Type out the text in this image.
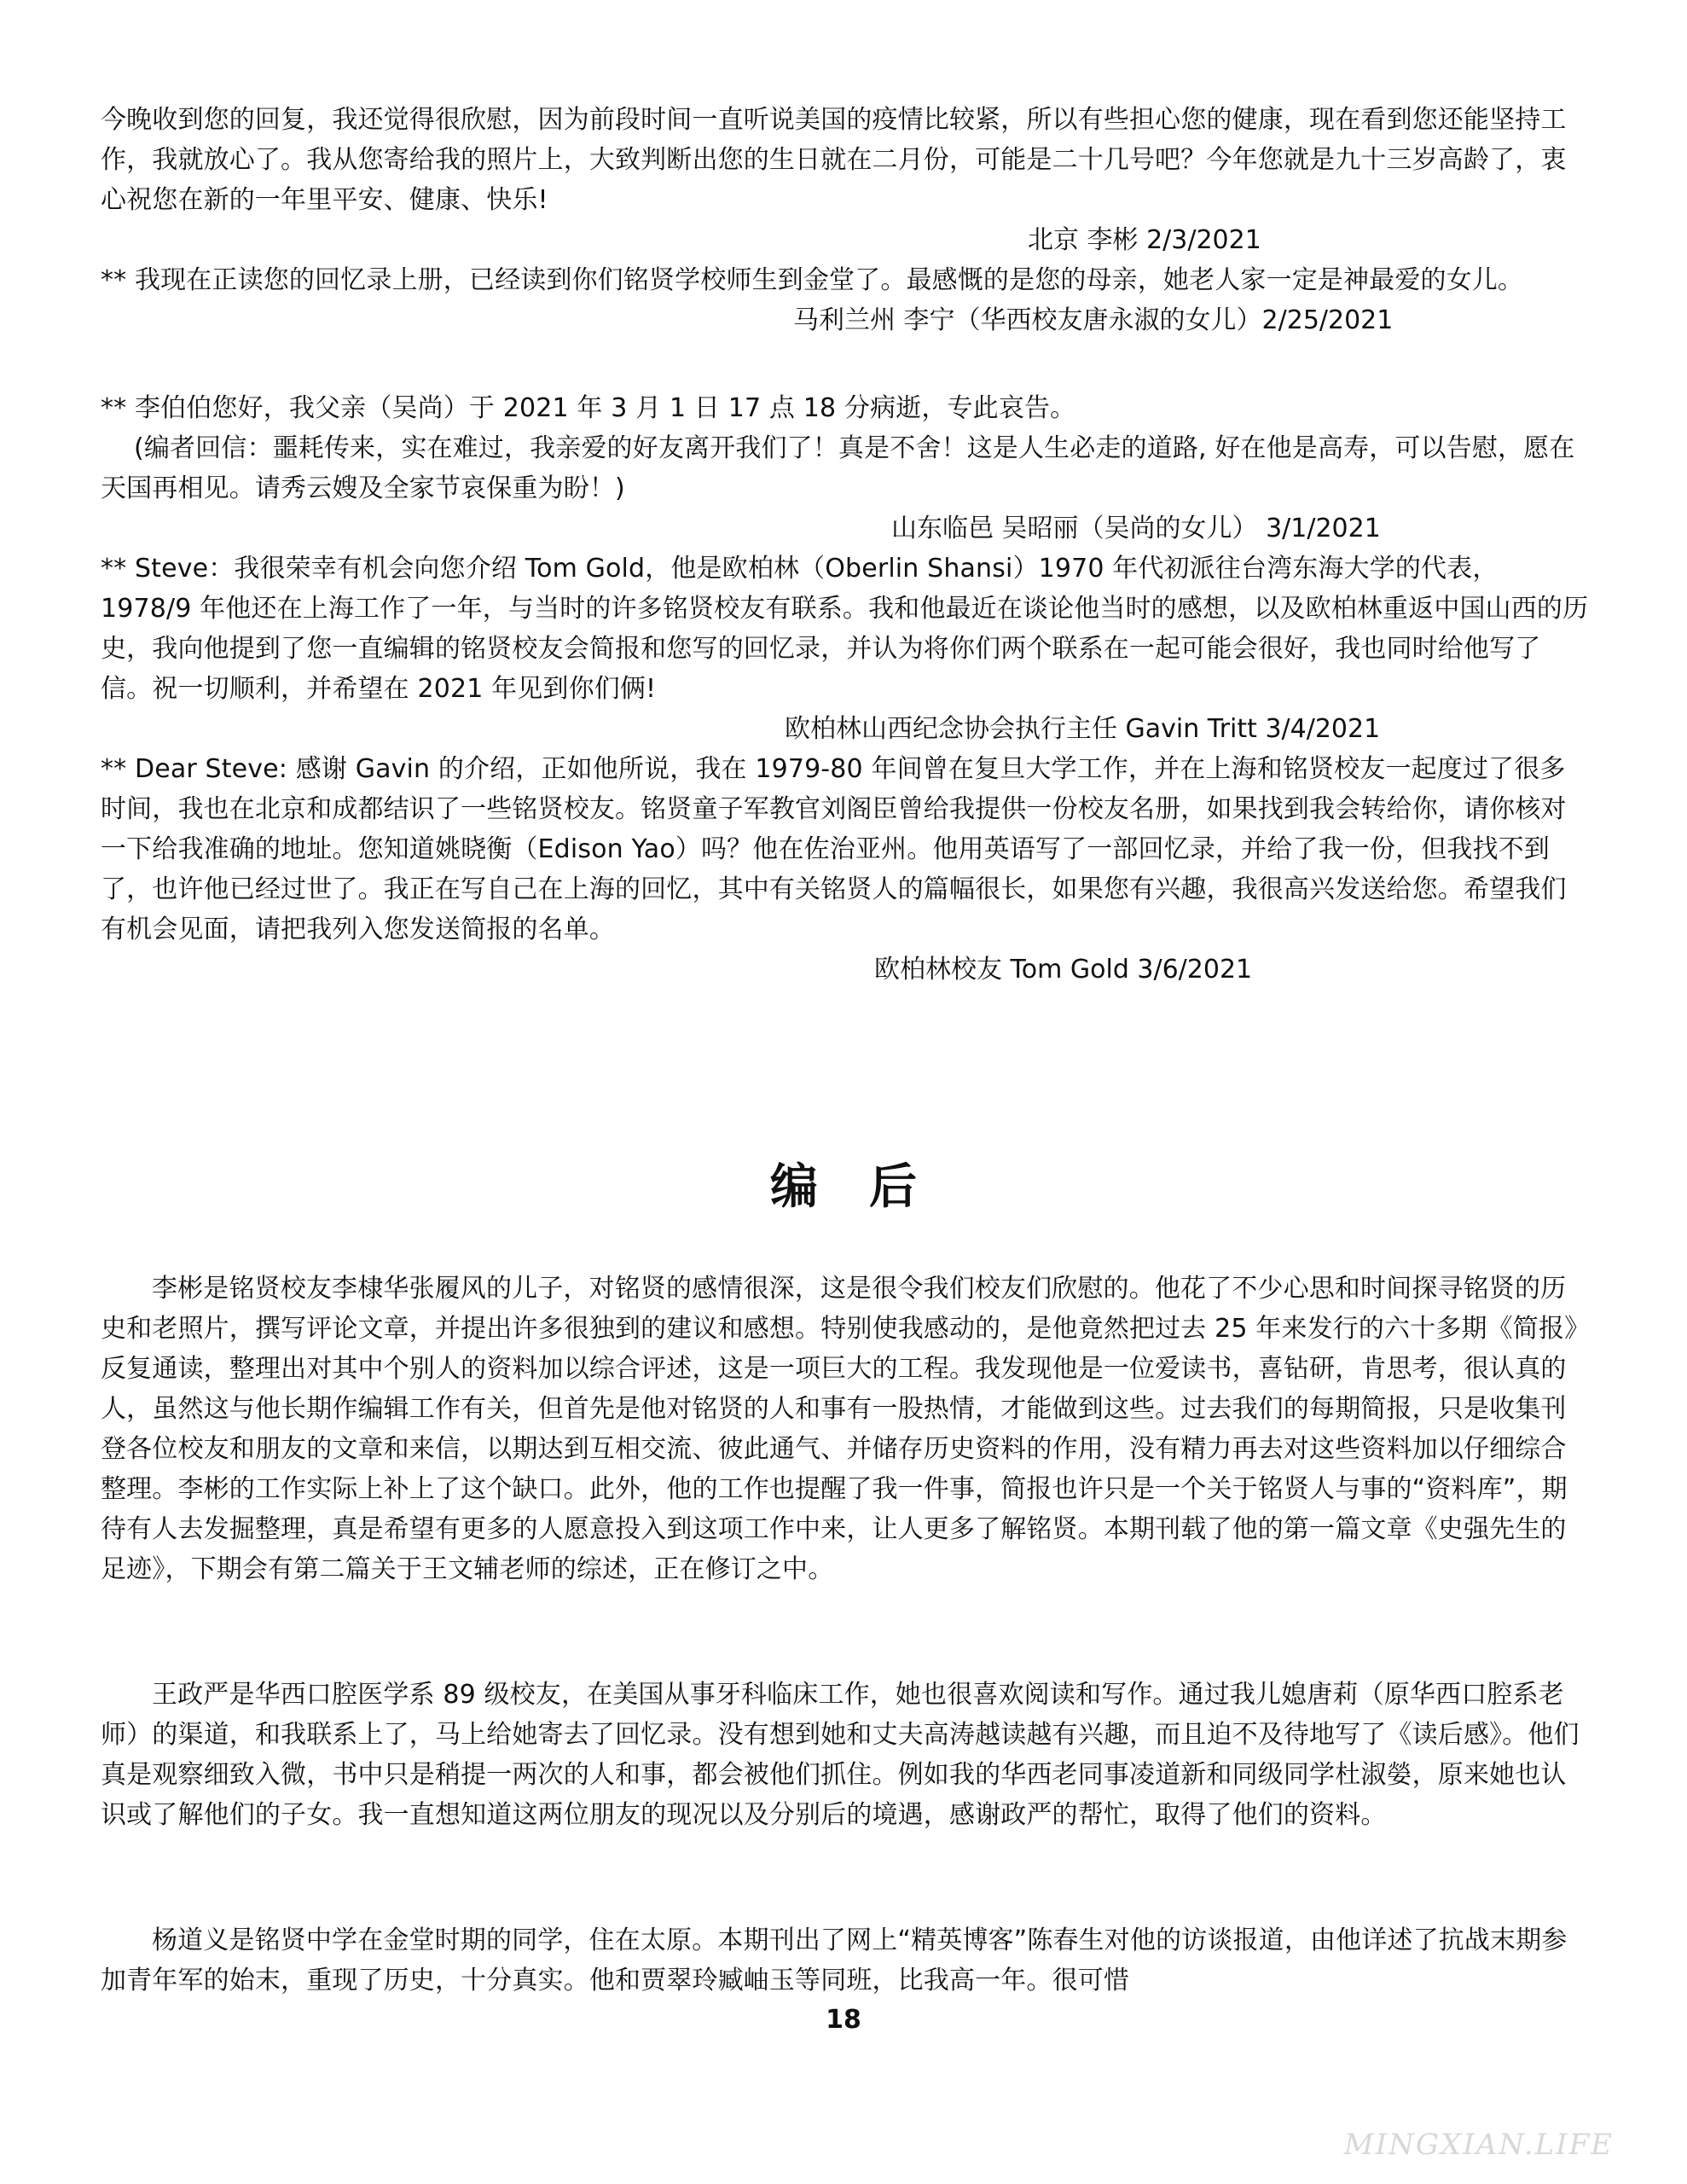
今晚收到您的回复，我还觉得很欣慰，因为前段时间一直听说美国的疫情比较紧，所以有些担心您的健康，现在看到您还能坚持工作，我就放心了。我从您寄给我的照片上，大致判断出您的生日就在二月份，可能是二十几号吧？今年您就是九十三岁高龄了，衷心祝您在新的一年里平安、健康、快乐!

北京 李彬 2/3/2021

** 我现在正读您的回忆录上册，已经读到你们铭贤学校师生到金堂了。最感慨的是您的母亲，她老人家一定是神最爱的女儿。

马利兰州 李宁（华西校友唐永淑的女儿）2/25/2021

** 李伯伯您好，我父亲（吴尚）于 2021 年 3 月 1 日 17 点 18 分病逝，专此哀告。

(编者回信：噩耗传来，实在难过，我亲爱的好友离开我们了！真是不舍！这是人生必走的道路, 好在他是高寿，可以告慰，愿在天国再相见。请秀云嫂及全家节哀保重为盼！)

山东临邑 吴昭丽（吴尚的女儿） 3/1/2021

** Steve：我很荣幸有机会向您介绍 Tom Gold，他是欧柏林（Oberlin Shansi）1970 年代初派往台湾东海大学的代表， 1978/9 年他还在上海工作了一年，与当时的许多铭贤校友有联系。我和他最近在谈论他当时的感想，以及欧柏林重返中国山西的历史，我向他提到了您一直编辑的铭贤校友会简报和您写的回忆录，并认为将你们两个联系在一起可能会很好，我也同时给他写了信。祝一切顺利，并希望在 2021 年见到你们俩!

欧柏林山西纪念协会执行主任 Gavin Tritt 3/4/2021

** Dear Steve: 感谢 Gavin 的介绍，正如他所说，我在 1979-80 年间曾在复旦大学工作，并在上海和铭贤校友一起度过了很多时间，我也在北京和成都结识了一些铭贤校友。铭贤童子军教官刘阁臣曾给我提供一份校友名册，如果找到我会转给你，请你核对一下给我准确的地址。您知道姚晓衡（Edison Yao）吗？他在佐治亚州。他用英语写了一部回忆录，并给了我一份，但我找不到了，也许他已经过世了。我正在写自己在上海的回忆，其中有关铭贤人的篇幅很长，如果您有兴趣，我很高兴发送给您。希望我们有机会见面，请把我列入您发送简报的名单。

欧柏林校友 Tom Gold 3/6/2021

编后

李彬是铭贤校友李棣华张履风的儿子，对铭贤的感情很深，这是很令我们校友们欣慰的。他花了不少心思和时间探寻铭贤的历史和老照片，撰写评论文章，并提出许多很独到的建议和感想。特别使我感动的，是他竟然把过去 25 年来发行的六十多期《简报》反复通读，整理出对其中个别人的资料加以综合评述，这是一项巨大的工程。我发现他是一位爱读书，喜钻研，肯思考，很认真的人，虽然这与他长期作编辑工作有关，但首先是他对铭贤的人和事有一股热情，才能做到这些。过去我们的每期简报，只是收集刊登各位校友和朋友的文章和来信，以期达到互相交流、彼此通气、并储存历史资料的作用，没有精力再去对这些资料加以仔细综合整理。李彬的工作实际上补上了这个缺口。此外，他的工作也提醒了我一件事，简报也许只是一个关于铭贤人与事的“资料库”，期待有人去发掘整理，真是希望有更多的人愿意投入到这项工作中来，让人更多了解铭贤。本期刊载了他的第一篇文章《史强先生的足迹》，下期会有第二篇关于王文辅老师的综述，正在修订之中。

王政严是华西口腔医学系 89 级校友，在美国从事牙科临床工作，她也很喜欢阅读和写作。通过我儿媳唐莉（原华西口腔系老师）的渠道，和我联系上了，马上给她寄去了回忆录。没有想到她和丈夫高涛越读越有兴趣，而且迫不及待地写了《读后感》。他们真是观察细致入微，书中只是稍提一两次的人和事，都会被他们抓住。例如我的华西老同事凌道新和同级同学杜淑嫈，原来她也认识或了解他们的子女。我一直想知道这两位朋友的现况以及分别后的境遇，感谢政严的帮忙，取得了他们的资料。

杨道义是铭贤中学在金堂时期的同学，住在太原。本期刊出了网上“精英博客”陈春生对他的访谈报道，由他详述了抗战末期参加青年军的始末，重现了历史，十分真实。他和贾翠玲臧岫玉等同班，比我高一年。很可惜

18
MINGXIAN.LIFE
